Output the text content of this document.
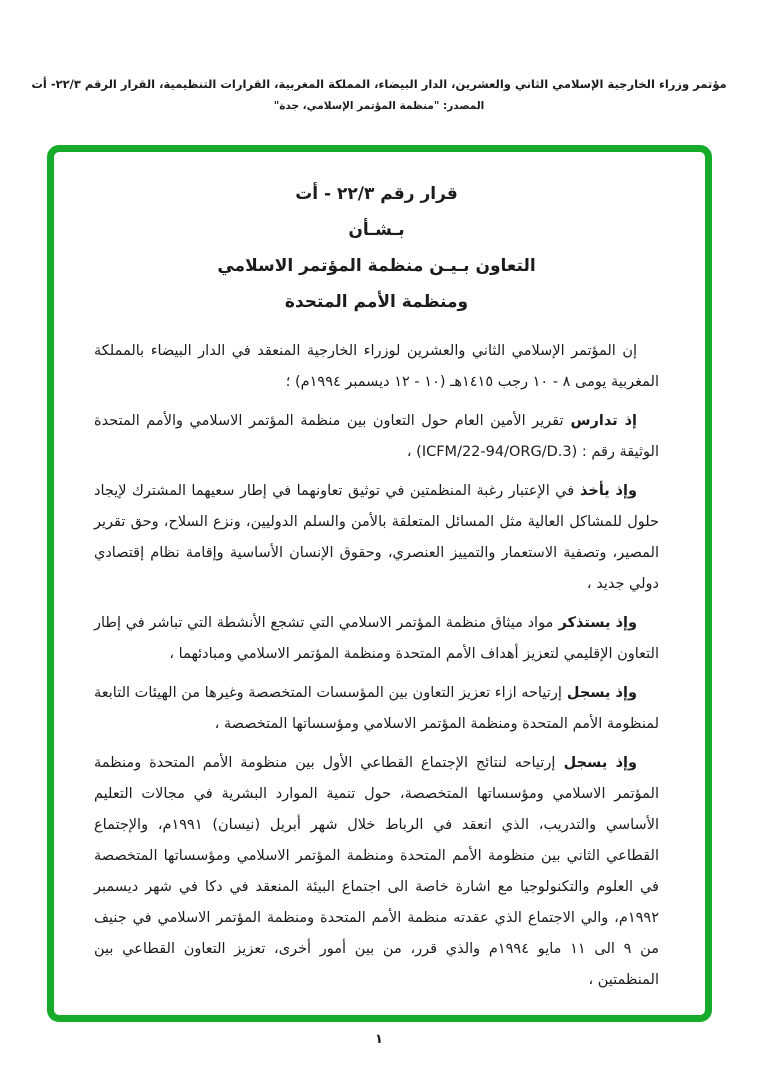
مؤتمر وزراء الخارجية الإسلامي الثاني والعشرين، الدار البيضاء، المملكة المغربية، القرارات التنظيمية، القرار الرقم ٢٢/٣- أت
المصدر: "منظمة المؤتمر الإسلامي، جدة"
قرار رقم ٢٢/٣ - أت
بـشـأن
التعاون بـيـن منظمة المؤتمر الاسلامي
ومنظمة الأمم المتحدة

إن المؤتمر الإسلامي الثاني والعشرين لوزراء الخارجية المنعقد في الدار البيضاء بالمملكة المغربية يومى ٨ - ١٠ رجب ١٤١٥هـ (١٠ - ١٢ ديسمبر ١٩٩٤م) ؛

إذ تدارس تقرير الأمين العام حول التعاون بين منظمة المؤتمر الاسلامي والأمم المتحدة الوثيقة رقم : (ICFM/22-94/ORG/D.3) ،

وإذ يأخذ في الإعتبار رغبة المنظمتين في توثيق تعاونهما في إطار سعيهما المشترك لإيجاد حلول للمشاكل العالية مثل المسائل المتعلقة بالأمن والسلم الدوليين، ونزع السلاح، وحق تقرير المصير، وتصفية الاستعمار والتمييز العنصري، وحقوق الإنسان الأساسية وإقامة نظام إقتصادي دولي جديد ،

وإذ يستذكر مواد ميثاق منظمة المؤتمر الاسلامي التي تشجع الأنشطة التي تباشر في إطار التعاون الإقليمي لتعزيز أهداف الأمم المتحدة ومنظمة المؤتمر الاسلامي ومبادئهما ،

وإذ يسجل إرتياحه ازاء تعزيز التعاون بين المؤسسات المتخصصة وغيرها من الهيئات التابعة لمنظومة الأمم المتحدة ومنظمة المؤتمر الاسلامي ومؤسساتها المتخصصة ،

وإذ يسجل إرتياحه لنتائج الإجتماع القطاعي الأول بين منظومة الأمم المتحدة ومنظمة المؤتمر الاسلامي ومؤسساتها المتخصصة، حول تنمية الموارد البشرية في مجالات التعليم الأساسي والتدريب، الذي انعقد في الرباط خلال شهر أبريل (نيسان) ١٩٩١م، والإجتماع القطاعي الثاني بين منظومة الأمم المتحدة ومنظمة المؤتمر الاسلامي ومؤسساتها المتخصصة في العلوم والتكنولوجيا مع اشارة خاصة الى اجتماع البيئة المنعقد في دكا في شهر ديسمبر ١٩٩٢م، والي الاجتماع الذي عقدته منظمة الأمم المتحدة ومنظمة المؤتمر الاسلامي في جنيف من ٩ الى ١١ مايو ١٩٩٤م والذي قرر، من بين أمور أخرى، تعزيز التعاون القطاعي بين المنظمتين ،

١
